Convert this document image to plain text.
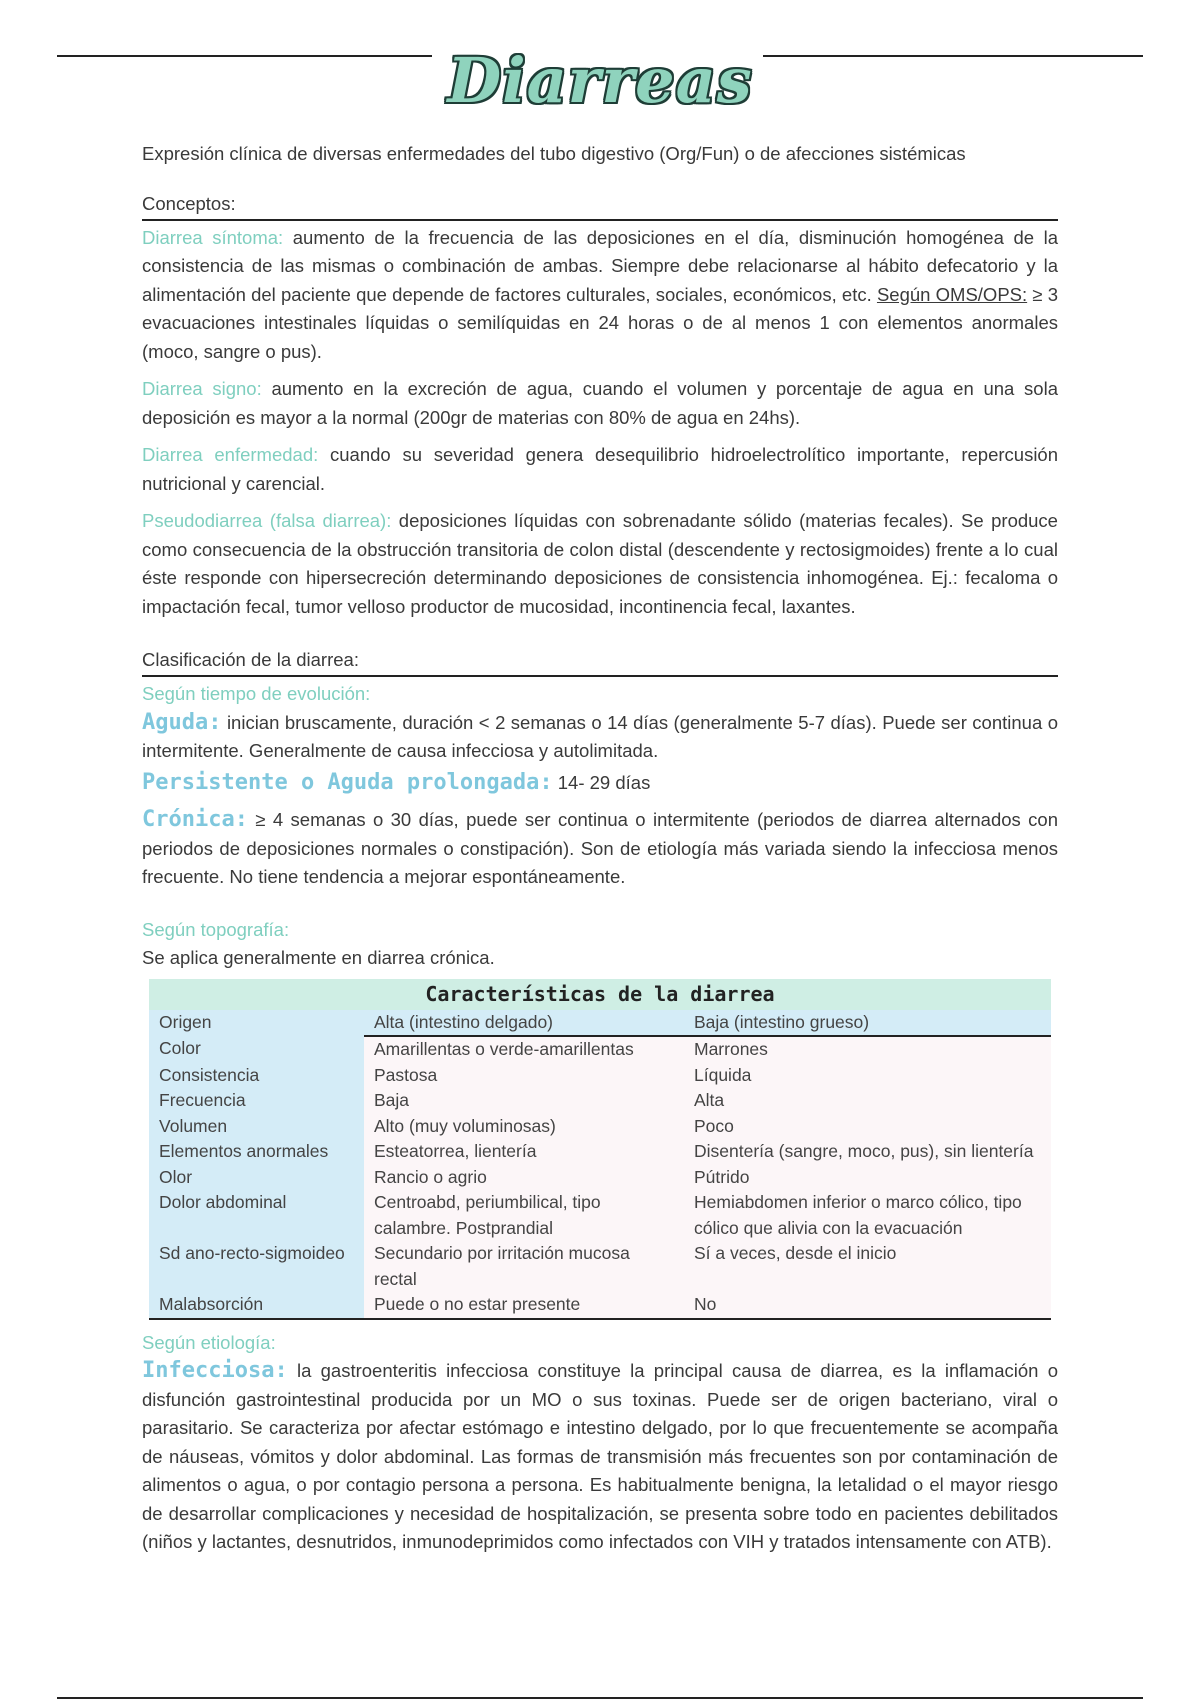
Diarreas

Expresión clínica de diversas enfermedades del tubo digestivo (Org/Fun) o de afecciones sistémicas

Conceptos:

Diarrea síntoma: aumento de la frecuencia de las deposiciones en el día, disminución homogénea de la consistencia de las mismas o combinación de ambas. Siempre debe relacionarse al hábito defecatorio y la alimentación del paciente que depende de factores culturales, sociales, económicos, etc. Según OMS/OPS: ≥ 3 evacuaciones intestinales líquidas o semilíquidas en 24 horas o de al menos 1 con elementos anormales (moco, sangre o pus).

Diarrea signo: aumento en la excreción de agua, cuando el volumen y porcentaje de agua en una sola deposición es mayor a la normal (200gr de materias con 80% de agua en 24hs).

Diarrea enfermedad: cuando su severidad genera desequilibrio hidroelectrolítico importante, repercusión nutricional y carencial.

Pseudodiarrea (falsa diarrea): deposiciones líquidas con sobrenadante sólido (materias fecales). Se produce como consecuencia de la obstrucción transitoria de colon distal (descendente y rectosigmoides) frente a lo cual éste responde con hipersecreción determinando deposiciones de consistencia inhomogénea. Ej.: fecaloma o impactación fecal, tumor velloso productor de mucosidad, incontinencia fecal, laxantes.

Clasificación de la diarrea:

Según tiempo de evolución:

Aguda: inician bruscamente, duración < 2 semanas o 14 días (generalmente 5-7 días). Puede ser continua o intermitente. Generalmente de causa infecciosa y autolimitada.

Persistente o Aguda prolongada: 14- 29 días

Crónica: ≥ 4 semanas o 30 días, puede ser continua o intermitente (periodos de diarrea alternados con periodos de deposiciones normales o constipación). Son de etiología más variada siendo la infecciosa menos frecuente. No tiene tendencia a mejorar espontáneamente.

Según topografía:

Se aplica generalmente en diarrea crónica.

Características de la diarrea		
Origen	Alta (intestino delgado)	Baja (intestino grueso)
Color	Amarillentas o verde-amarillentas	Marrones
Consistencia	Pastosa	Líquida
Frecuencia	Baja	Alta
Volumen	Alto (muy voluminosas)	Poco
Elementos anormales	Esteatorrea, lientería	Disentería (sangre, moco, pus), sin lientería
Olor	Rancio o agrio	Pútrido
Dolor abdominal	Centroabd, periumbilical, tipo calambre. Postprandial	Hemiabdomen inferior o marco cólico, tipo cólico que alivia con la evacuación
Sd ano-recto-sigmoideo	Secundario por irritación mucosa rectal	Sí a veces, desde el inicio
Malabsorción	Puede o no estar presente	No

Según etiología:

Infecciosa: la gastroenteritis infecciosa constituye la principal causa de diarrea, es la inflamación o disfunción gastrointestinal producida por un MO o sus toxinas. Puede ser de origen bacteriano, viral o parasitario. Se caracteriza por afectar estómago e intestino delgado, por lo que frecuentemente se acompaña de náuseas, vómitos y dolor abdominal. Las formas de transmisión más frecuentes son por contaminación de alimentos o agua, o por contagio persona a persona. Es habitualmente benigna, la letalidad o el mayor riesgo de desarrollar complicaciones y necesidad de hospitalización, se presenta sobre todo en pacientes debilitados (niños y lactantes, desnutridos, inmunodeprimidos como infectados con VIH y tratados intensamente con ATB).
